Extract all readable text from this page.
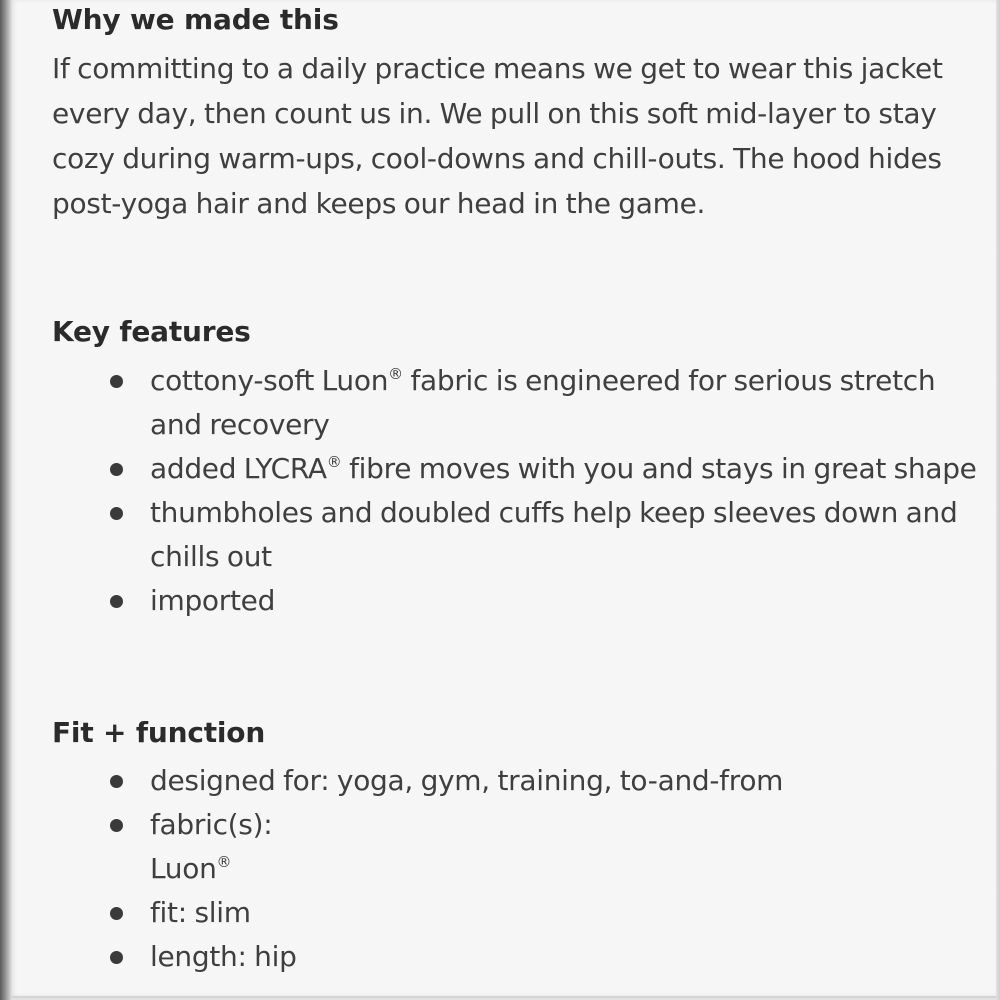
Why we made this

If committing to a daily practice means we get to wear this jacket every day, then count us in. We pull on this soft mid-layer to stay cozy during warm-ups, cool-downs and chill-outs. The hood hides post-yoga hair and keeps our head in the game.

Key features
cottony-soft Luon® fabric is engineered for serious stretch and recovery
added LYCRA® fibre moves with you and stays in great shape
thumbholes and doubled cuffs help keep sleeves down and chills out
imported
Fit + function
designed for: yoga, gym, training, to-and-from
fabric(s):
Luon®
fit: slim
length: hip
